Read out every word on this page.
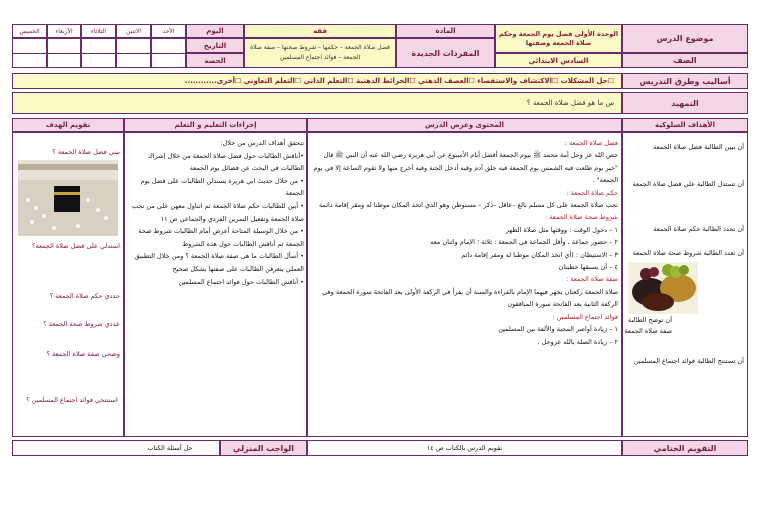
موضوع الدرس
الوحدة الأولى فضل يوم الجمعة وحكم صلاة الجمعة وصفتها
المادة
فقه
اليوم
التاريخ
الحصة
الأحد
الاثنين
الثلاثاء
الأربعاء
الخميس
المفردات الجديدة
فضل صلاة الجمعة – حكمها – شروط صحتها – صفة صلاة الجمعة – فوائد اجتماع المسلمين	الصف
السادس الابتدائي
أساليب وطرق التدريس
☐حل المشكلات ☐الاكتشاف والاستقصاء ☐العصف الذهني ☐الخرائط الذهنية ☐التعلم الذاتي ☐التعلم التعاوني ☐أخرى............
التمهيد
س ما هو فضل صلاة الجمعة ؟
الأهداف السلوكية
المحتوى وعرض الدرس
إجراءات التعليم و التعلم
تقويم الهدف
أن تبين الطالبة فضل صلاة الجمعة
أن تستدل الطالبة على فضل صلاة الجمعة
أن تحدد الطالبة حكم صلاة الجمعة
أن تعدد الطالبة شروط صحة صلاة الجمعة
أن توضح الطالبة صفة صلاة الجمعة
أن تستنتج الطالبة فوائد اجتماع المسلمين
فضل صلاة الجمعة :
خص الله عز وجل أمة محمد ﷺ بيوم الجمعة أفضل أيام الأسبوع عن أبي هريرة رضي الله عنه أن النبي ﷺ قال "خير يوم طلعت فيه الشمس يوم الجمعة فيه خلق آدم وفيه أدخل الجنة وفيه أخرج منها ولا تقوم الساعة إلا في يوم الجمعة" .
حكم صلاة الجمعة :
تجب صلاة الجمعة على كل مسلم بالغ –عاقل –ذكر – مستوطن وهو الذي اتخذ المكان موطنا له ومقر إقامة دائمة
شروط صحة صلاة الجمعة :
١ – دخول الوقت : ووقتها مثل صلاة الظهر
٢ – حضور جماعة ، وأقل الجماعة في الجمعة : ثلاثة ؛ الإمام واثنان معه
٣ – الاستيطان : (أي اتخذ المكان موطنا له ومقر إقامة دائم
٤ – أن يسبقها خطبتان
صفة صلاة الجمعة :
صلاة الجمعة ركعتان يجهر فيهما الإمام بالقراءة والسنة أن يقرأ في الركعة الأولى بعد الفاتحة سورة الجمعة وفي الركعة الثانية بعد الفاتحة سورة المنافقون
فوائد اجتماع المسلمين :
١ – زيادة أواصر المحبة والألفة بين المسلمين
٢ – زيادة الصلة بالله عزوجل .
تتحقق أهداف الدرس من خلال:
•أناقش الطالبات حول فضل صلاة الجمعة من خلال إشراك الطالبات في البحث عن فضائل يوم الجمعة
• من خلال حديث ابي هريرة يستدلن الطالبات على فضل يوم الجمعة
• أبين للطالبات حكم صلاة الجمعة ثم اتناول معهن على من تجب صلاة الجمعة وتفعيل التمرين الفردي والجماعي ص ١١
• من خلال الوسيلة المتاحة أعرض أمام الطالبات شروط صحة الجمعة ثم أناقش الطالبات حول هذه الشروط
• أسأل الطالبات ما هي صفة صلاة الجمعة ؟ ومن خلال التطبيق العملي يتعرفن الطالبات على صفتها بشكل صحيح
• أناقش الطالبات حول فوائد اجتماع المسلمين
بيني فضل صلاة الجمعة ؟
استدلي على فضل صلاة الجمعة؟
حددي حكم صلاة الجمعة ؟
عددي شروط صحة الجمعة ؟
وضحي صفة صلاة الجمعة ؟
استنتجي فوائد اجتماع المسلمين ؟
التقويم الختامي
تقويم الدرس بالكتاب ص ١٤
الواجب المنزلي
حل أسئلة الكتاب
